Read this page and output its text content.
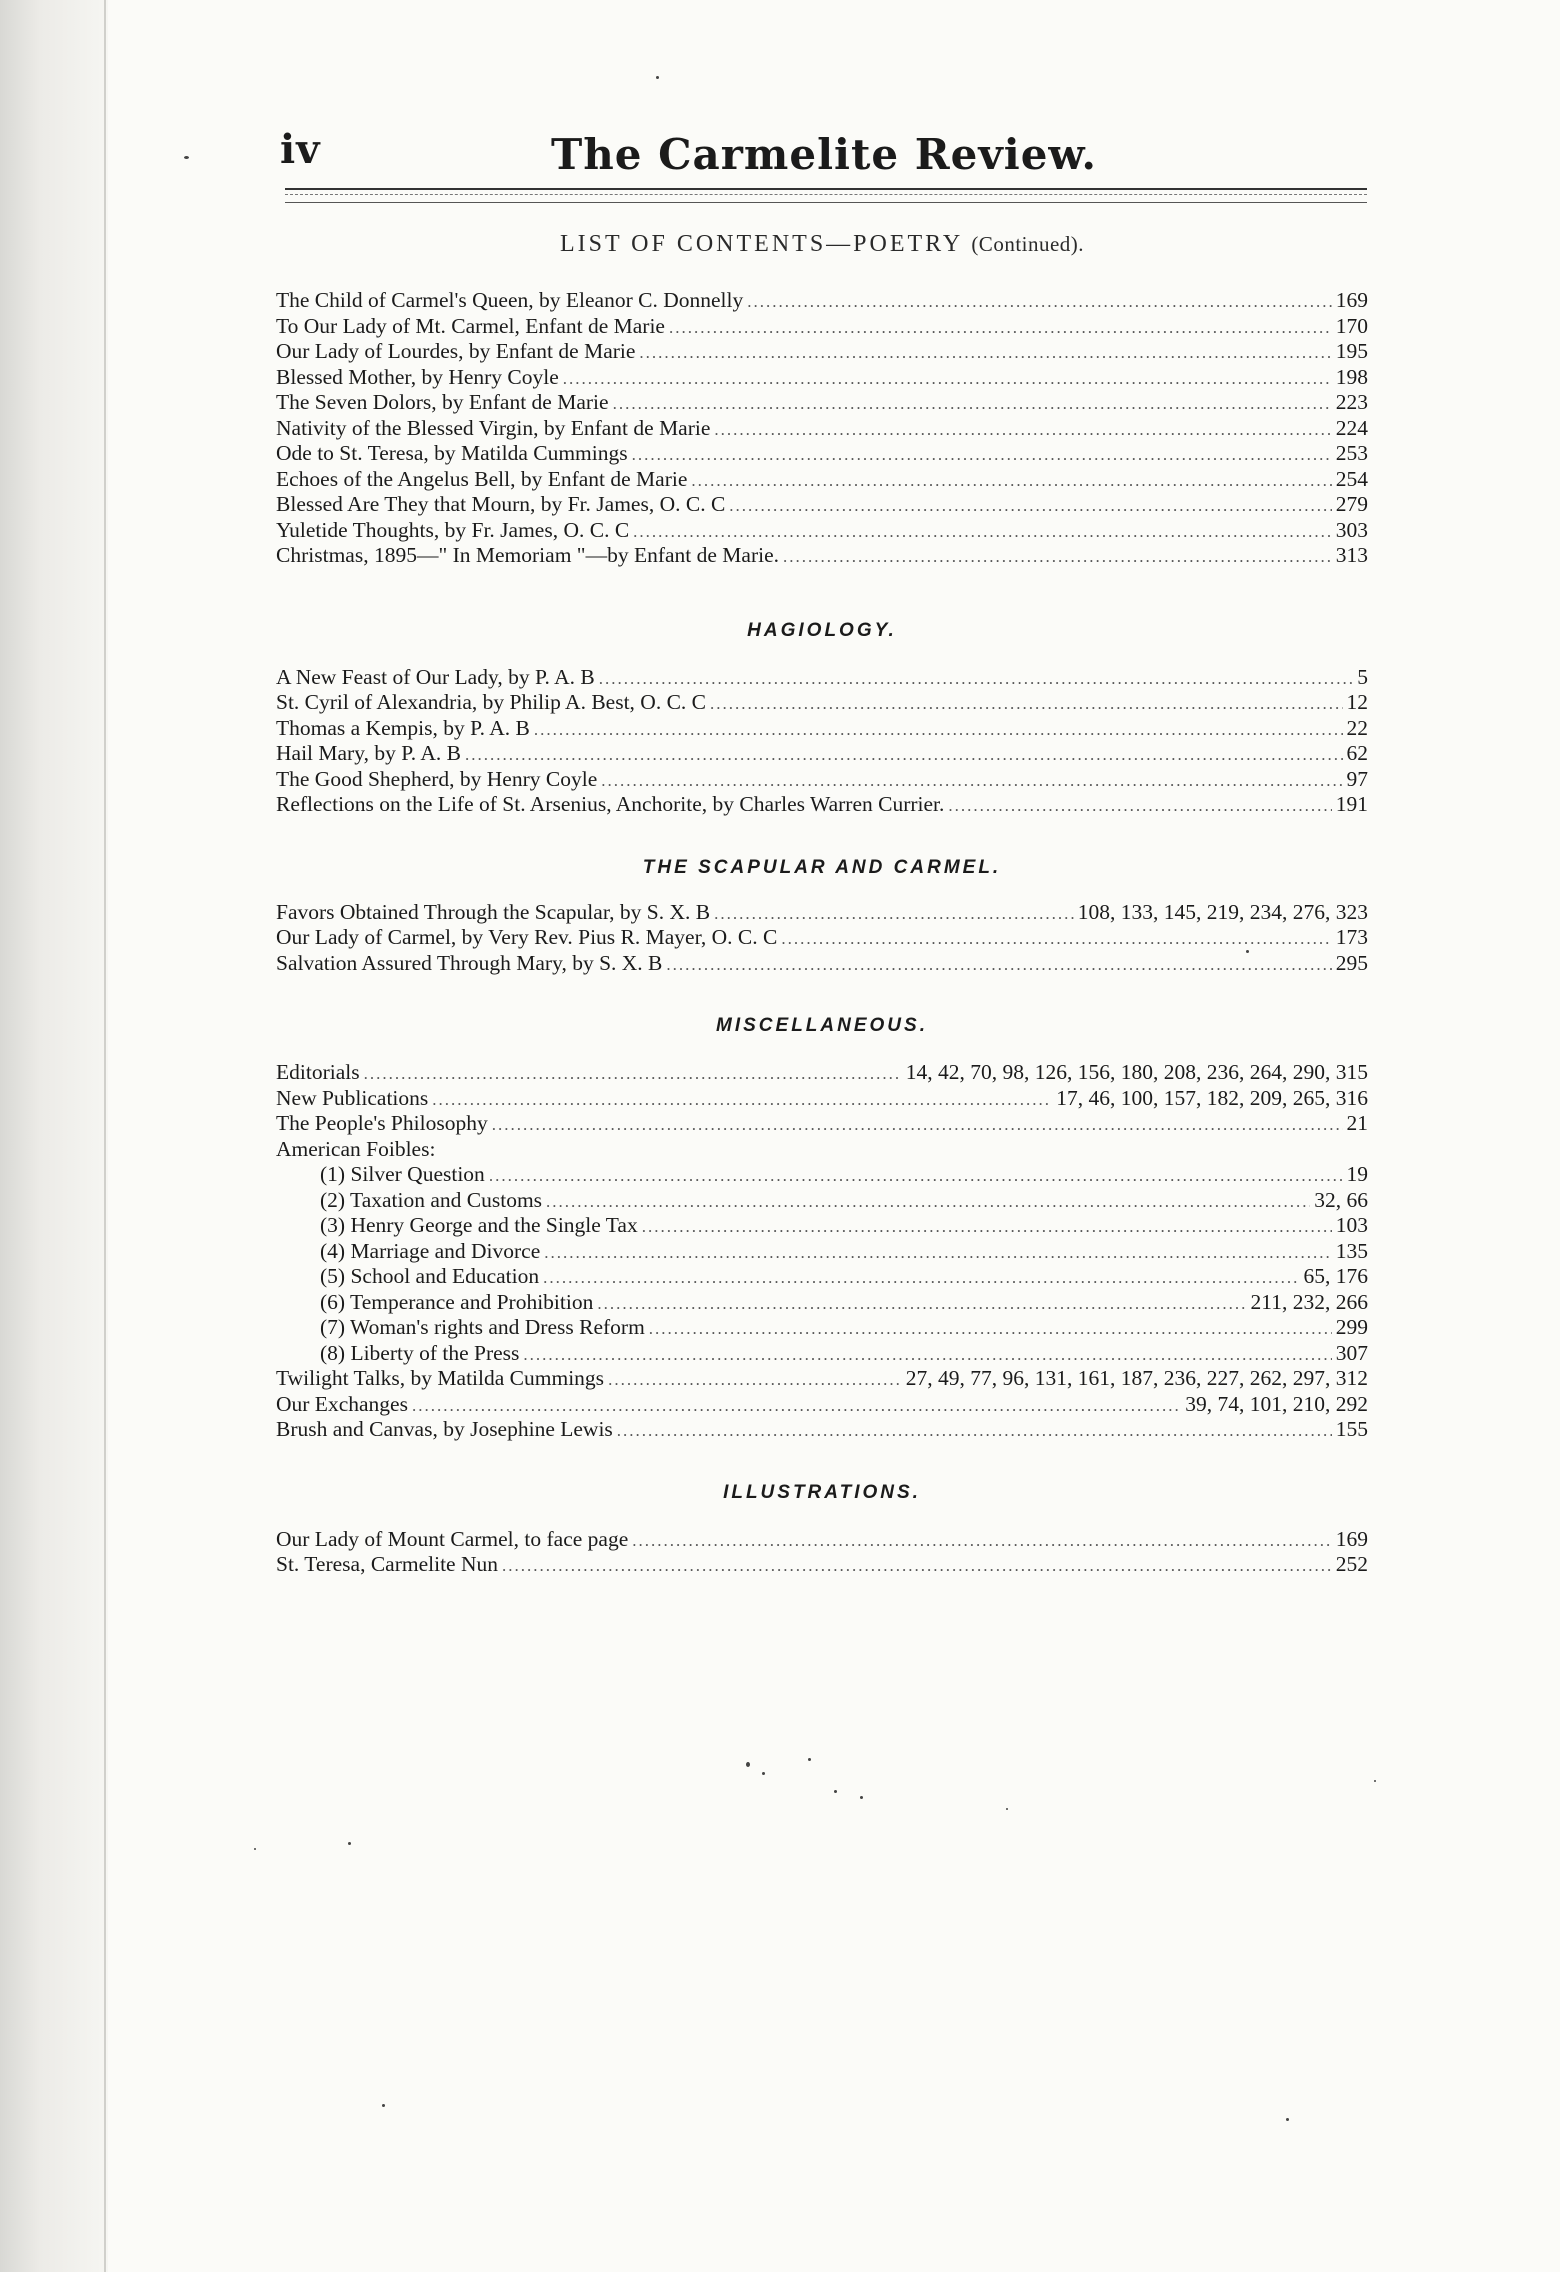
iv	The Carmelite Review.
LIST OF CONTENTS—POETRY (Continued).
The Child of Carmel's Queen, by Eleanor C. Donnelly .....	169
To Our Lady of Mt. Carmel, Enfant de Marie .....	170
Our Lady of Lourdes, by Enfant de Marie .....	195
Blessed Mother, by Henry Coyle .....	198
The Seven Dolors, by Enfant de Marie .....	223
Nativity of the Blessed Virgin, by Enfant de Marie .....	224
Ode to St. Teresa, by Matilda Cummings .....	253
Echoes of the Angelus Bell, by Enfant de Marie .....	254
Blessed Are They that Mourn, by Fr. James, O. C. C .....	279
Yuletide Thoughts, by Fr. James, O. C. C .....	303
Christmas, 1895—" In Memoriam "—by Enfant de Marie. .....	313
HAGIOLOGY.
A New Feast of Our Lady, by P. A. B .....	5
St. Cyril of Alexandria, by Philip A. Best, O. C. C .....	12
Thomas a Kempis, by P. A. B .....	22
Hail Mary, by P. A. B .....	62
The Good Shepherd, by Henry Coyle .....	97
Reflections on the Life of St. Arsenius, Anchorite, by Charles Warren Currier. .....	191
THE SCAPULAR AND CARMEL.
Favors Obtained Through the Scapular, by S. X. B .....	108, 133, 145, 219, 234, 276, 323
Our Lady of Carmel, by Very Rev. Pius R. Mayer, O. C. C .....	173
Salvation Assured Through Mary, by S. X. B .....	295
MISCELLANEOUS.
Editorials .....	14, 42, 70, 98, 126, 156, 180, 208, 236, 264, 290, 315
New Publications .....	17, 46, 100, 157, 182, 209, 265, 316
The People's Philosophy .....	21
American Foibles:
(1) Silver Question .....	19
(2) Taxation and Customs .....	32, 66
(3) Henry George and the Single Tax .....	103
(4) Marriage and Divorce .....	135
(5) School and Education .....	65, 176
(6) Temperance and Prohibition .....	211, 232, 266
(7) Woman's rights and Dress Reform .....	299
(8) Liberty of the Press .....	307
Twilight Talks, by Matilda Cummings .....	27, 49, 77, 96, 131, 161, 187, 236, 227, 262, 297, 312
Our Exchanges .....	39, 74, 101, 210, 292
Brush and Canvas, by Josephine Lewis .....	155
ILLUSTRATIONS.
Our Lady of Mount Carmel, to face page .....	169
St. Teresa, Carmelite Nun .....	252
